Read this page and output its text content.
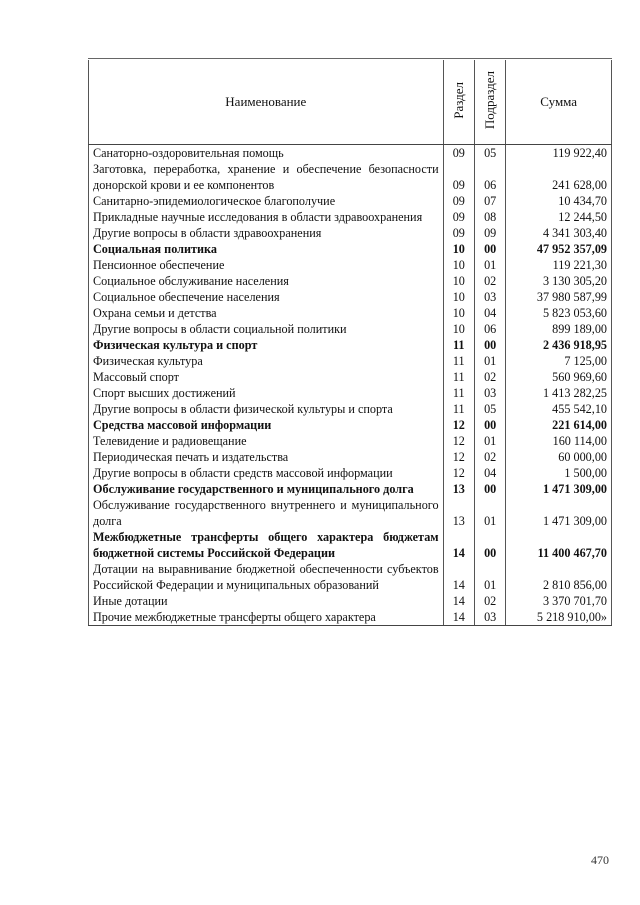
Наименование	Раздел	Подраздел	Сумма
Санаторно-оздоровительная помощь	09	05	119 922,40
Заготовка, переработка, хранение и обеспечение безопасности донорской крови и ее компонентов	09	06	241 628,00
Санитарно-эпидемиологическое благополучие	09	07	10 434,70
Прикладные научные исследования в области здравоохранения	09	08	12 244,50
Другие вопросы в области здравоохранения	09	09	4 341 303,40
Социальная политика	10	00	47 952 357,09
Пенсионное обеспечение	10	01	119 221,30
Социальное обслуживание населения	10	02	3 130 305,20
Социальное обеспечение населения	10	03	37 980 587,99
Охрана семьи и детства	10	04	5 823 053,60
Другие вопросы в области социальной политики	10	06	899 189,00
Физическая культура и спорт	11	00	2 436 918,95
Физическая культура	11	01	7 125,00
Массовый спорт	11	02	560 969,60
Спорт высших достижений	11	03	1 413 282,25
Другие вопросы в области физической культуры и спорта	11	05	455 542,10
Средства массовой информации	12	00	221 614,00
Телевидение и радиовещание	12	01	160 114,00
Периодическая печать и издательства	12	02	60 000,00
Другие вопросы в области средств массовой информации	12	04	1 500,00
Обслуживание государственного и муниципального долга	13	00	1 471 309,00
Обслуживание государственного внутреннего и муниципального долга	13	01	1 471 309,00
Межбюджетные трансферты общего характера бюджетам бюджетной системы Российской Федерации	14	00	11 400 467,70
Дотации на выравнивание бюджетной обеспеченности субъектов Российской Федерации и муниципальных образований	14	01	2 810 856,00
Иные дотации	14	02	3 370 701,70
Прочие межбюджетные трансферты общего характера	14	03	5 218 910,00»
470
